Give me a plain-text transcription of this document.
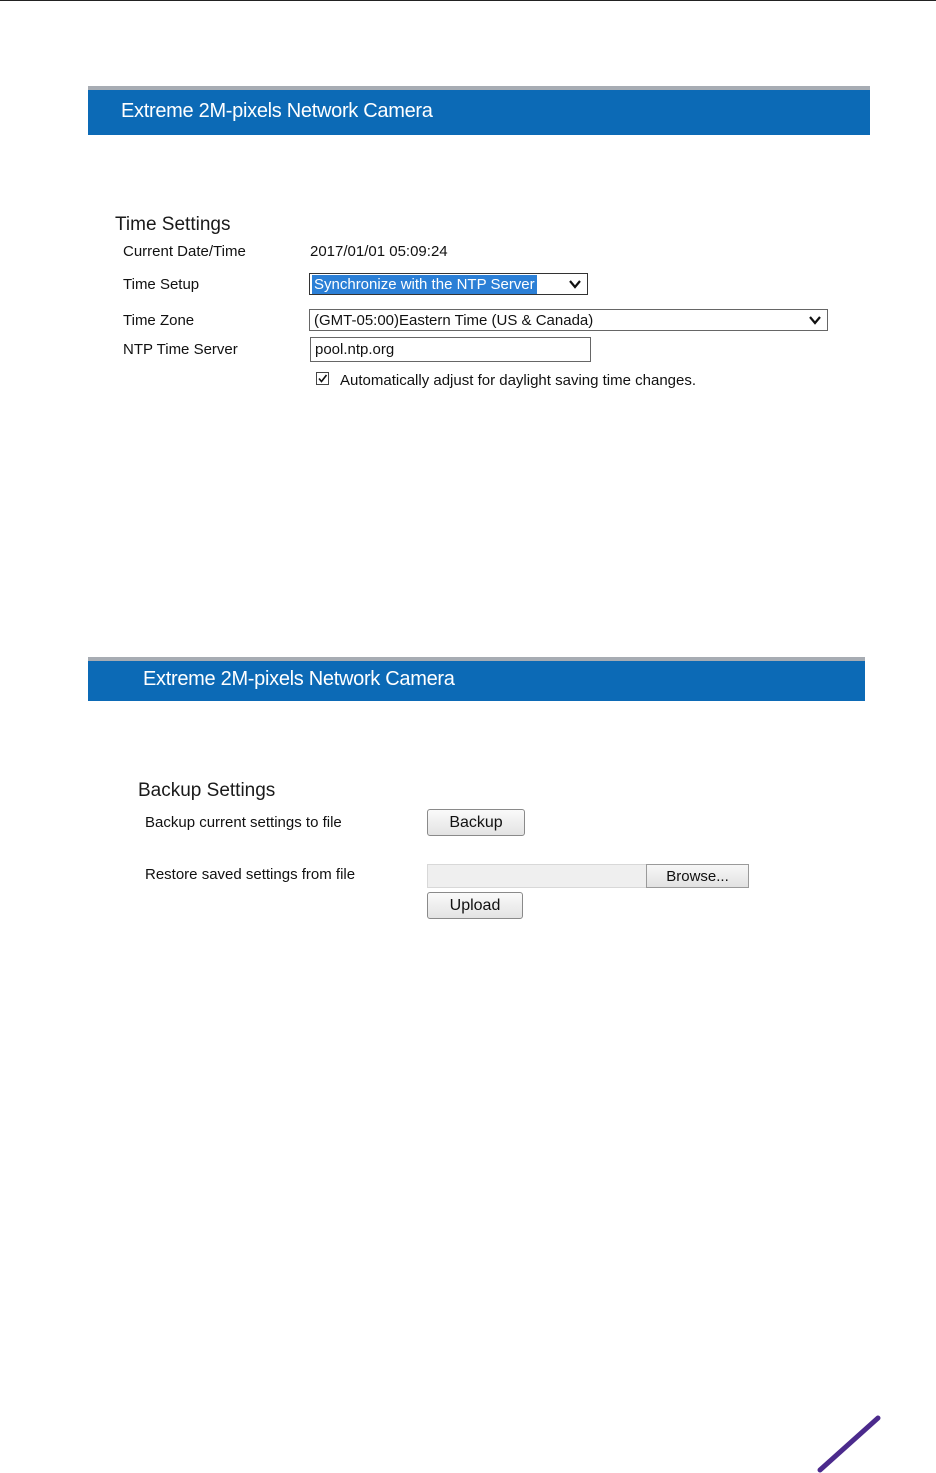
Extreme 2M-pixels Network Camera
Time Settings
Current Date/Time	2017/01/01 05:09:24
Time Setup	Synchronize with the NTP Server
Time Zone	(GMT-05:00)Eastern Time (US & Canada)
NTP Time Server	pool.ntp.org
Automatically adjust for daylight saving time changes.
Extreme 2M-pixels Network Camera
Backup Settings
Backup current settings to file	Backup
Restore saved settings from file	Browse...
Upload
